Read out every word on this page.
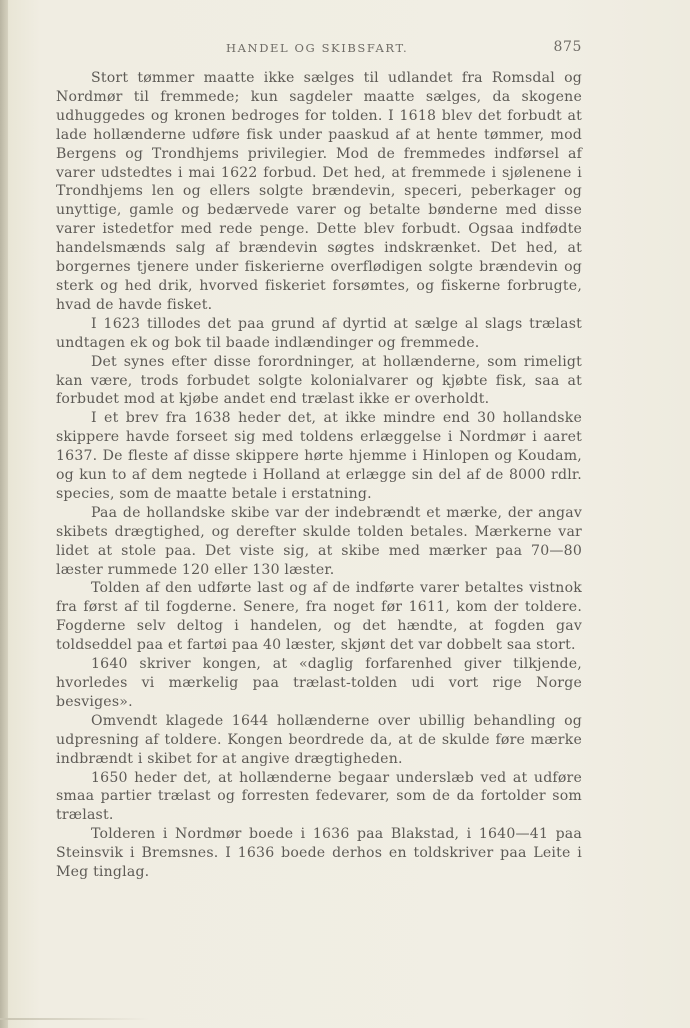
HANDEL OG SKIBSFART.	875

Stort tømmer maatte ikke sælges til udlandet fra Romsdal og Nordmør til fremmede; kun sagdeler maatte sælges, da skogene udhuggedes og kronen bedroges for tolden. I 1618 blev det forbudt at lade hollænderne udføre fisk under paaskud af at hente tømmer, mod Bergens og Trondhjems privilegier. Mod de fremmedes indførsel af varer udstedtes i mai 1622 forbud. Det hed, at fremmede i sjølenene i Trondhjems len og ellers solgte brændevin, speceri, peberkager og unyttige, gamle og bedærvede varer og betalte bønderne med disse varer istedetfor med rede penge. Dette blev forbudt. Ogsaa indfødte handelsmænds salg af brændevin søgtes indskrænket. Det hed, at borgernes tjenere under fiskerierne overflødigen solgte brændevin og sterk og hed drik, hvorved fiskeriet forsømtes, og fiskerne forbrugte, hvad de havde fisket.

I 1623 tillodes det paa grund af dyrtid at sælge al slags trælast undtagen ek og bok til baade indlændinger og fremmede.

Det synes efter disse forordninger, at hollænderne, som rimeligt kan være, trods forbudet solgte kolonialvarer og kjøbte fisk, saa at forbudet mod at kjøbe andet end trælast ikke er overholdt.

I et brev fra 1638 heder det, at ikke mindre end 30 hollandske skippere havde forseet sig med toldens erlæggelse i Nordmør i aaret 1637. De fleste af disse skippere hørte hjemme i Hinlopen og Koudam, og kun to af dem negtede i Holland at erlægge sin del af de 8000 rdlr. species, som de maatte betale i erstatning.

Paa de hollandske skibe var der indebrændt et mærke, der angav skibets drægtighed, og derefter skulde tolden betales. Mærkerne var lidet at stole paa. Det viste sig, at skibe med mærker paa 70—80 læster rummede 120 eller 130 læster.

Tolden af den udførte last og af de indførte varer betaltes vistnok fra først af til fogderne. Senere, fra noget før 1611, kom der toldere. Fogderne selv deltog i handelen, og det hændte, at fogden gav toldseddel paa et fartøi paa 40 læster, skjønt det var dobbelt saa stort.

1640 skriver kongen, at «daglig forfarenhed giver tilkjende, hvorledes vi mærkelig paa trælast-tolden udi vort rige Norge besviges».

Omvendt klagede 1644 hollænderne over ubillig behandling og udpresning af toldere. Kongen beordrede da, at de skulde føre mærke indbrændt i skibet for at angive drægtigheden.

1650 heder det, at hollænderne begaar underslæb ved at udføre smaa partier trælast og forresten fedevarer, som de da fortolder som trælast.

Tolderen i Nordmør boede i 1636 paa Blakstad, i 1640—41 paa Steinsvik i Bremsnes. I 1636 boede derhos en toldskriver paa Leite i Meg tinglag.
